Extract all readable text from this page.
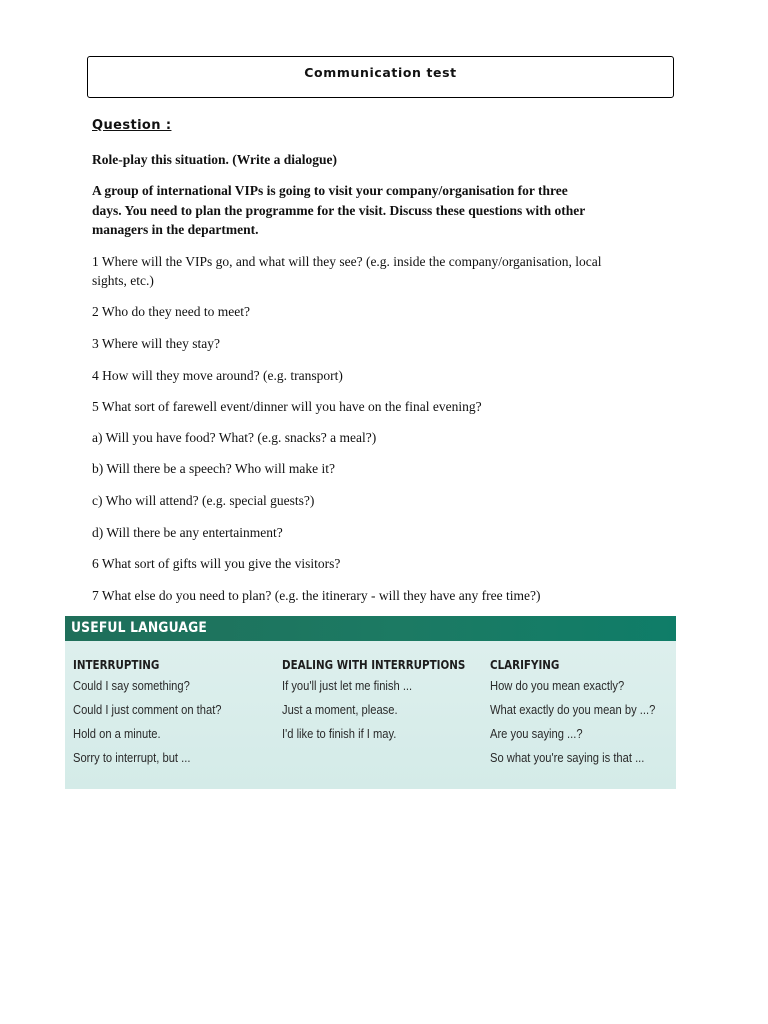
Communication test
Question :
Role-play this situation. (Write a dialogue)
A group of international VIPs is going to visit your company/organisation for three
days. You need to plan the programme for the visit. Discuss these questions with other
managers in the department.
1 Where will the VIPs go, and what will they see? (e.g. inside the company/organisation, local
sights, etc.)
2 Who do they need to meet?
3 Where will they stay?
4 How will they move around? (e.g. transport)
5 What sort of farewell event/dinner will you have on the final evening?
a) Will you have food? What? (e.g. snacks? a meal?)
b) Will there be a speech? Who will make it?
c) Who will attend? (e.g. special guests?)
d) Will there be any entertainment?
6 What sort of gifts will you give the visitors?
7 What else do you need to plan? (e.g. the itinerary - will they have any free time?)
USEFUL LANGUAGE
INTERRUPTING
Could I say something?
Could I just comment on that?
Hold on a minute.
Sorry to interrupt, but ...
DEALING WITH INTERRUPTIONS
If you'll just let me finish ...
Just a moment, please.
I'd like to finish if I may.
CLARIFYING
How do you mean exactly?
What exactly do you mean by ...?
Are you saying ...?
So what you're saying is that ...
